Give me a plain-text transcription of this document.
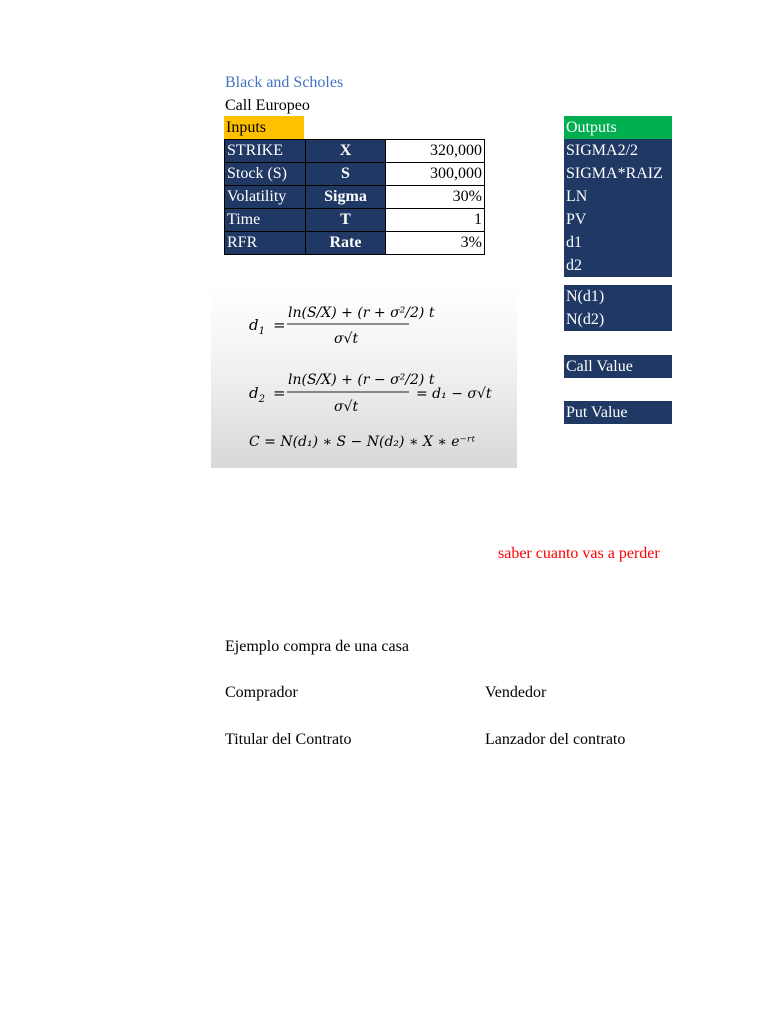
Black and Scholes
Call Europeo
Inputs
STRIKE	X	320,000
Stock (S)	S	300,000
Volatility	Sigma	30%
Time	T	1
RFR	Rate	3%
$d_1$ =
ln(S/X) + (r + σ²/2) t
σ√t
$d_2$ =
ln(S/X) + (r − σ²/2) t
σ√t
= d₁ − σ√t
C = N(d₁) ∗ S − N(d₂) ∗ X ∗ e⁻ʳᵗ
Outputs
SIGMA2/2
SIGMA*RAIZ
LN
PV
d1
d2
N(d1)
N(d2)
Call Value
Put Value
saber cuanto vas a perder
Ejemplo compra de una casa
Comprador	Vendedor
Titular del Contrato	Lanzador del contrato
